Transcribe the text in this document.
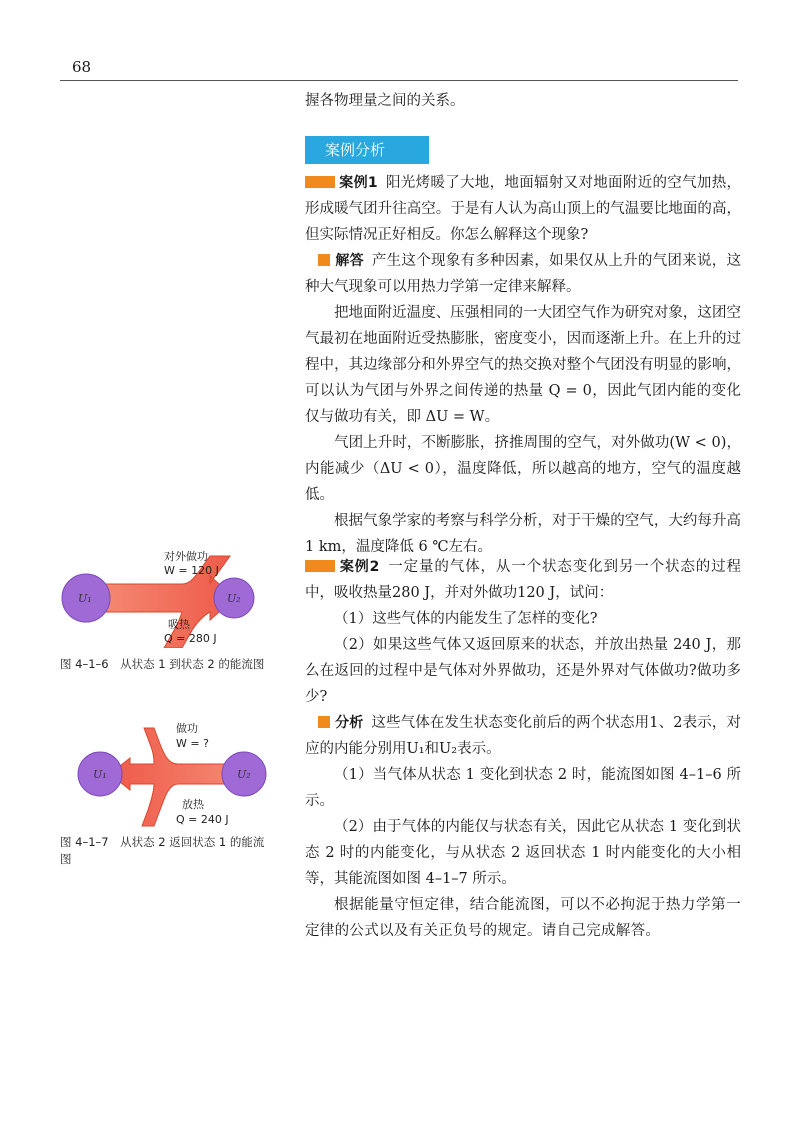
68

握各物理量之间的关系。

案例分析

案例1 阳光烤暖了大地，地面辐射又对地面附近的空气加热，形成暖气团升往高空。于是有人认为高山顶上的气温要比地面的高，但实际情况正好相反。你怎么解释这个现象?

解答 产生这个现象有多种因素，如果仅从上升的气团来说，这种大气现象可以用热力学第一定律来解释。

把地面附近温度、压强相同的一大团空气作为研究对象，这团空气最初在地面附近受热膨胀，密度变小，因而逐渐上升。在上升的过程中，其边缘部分和外界空气的热交换对整个气团没有明显的影响，可以认为气团与外界之间传递的热量 Q = 0，因此气团内能的变化仅与做功有关，即 ΔU = W。

气团上升时，不断膨胀，挤推周围的空气，对外做功(W < 0)，内能减少（ΔU < 0），温度降低，所以越高的地方，空气的温度越低。

根据气象学家的考察与科学分析，对于干燥的空气，大约每升高 1 km，温度降低 6 ℃左右。

案例2 一定量的气体，从一个状态变化到另一个状态的过程中，吸收热量280 J，并对外做功120 J，试问：

（1）这些气体的内能发生了怎样的变化?

（2）如果这些气体又返回原来的状态，并放出热量 240 J，那么在返回的过程中是气体对外界做功，还是外界对气体做功?做功多少?

分析 这些气体在发生状态变化前后的两个状态用1、2表示，对应的内能分别用U₁和U₂表示。

（1）当气体从状态 1 变化到状态 2 时，能流图如图 4–1–6 所示。

（2）由于气体的内能仅与状态有关，因此它从状态 1 变化到状态 2 时的内能变化，与从状态 2 返回状态 1 时内能变化的大小相等，其能流图如图 4–1–7 所示。

根据能量守恒定律，结合能流图，可以不必拘泥于热力学第一定律的公式以及有关正负号的规定。请自己完成解答。

U₁	U₂
对外做功
W = 120 J
吸热
Q = 280 J
图 4–1–6　从状态 1 到状态 2 的能流图
U₁	U₂
做功
W = ?
放热
Q = 240 J
图 4–1–7　从状态 2 返回状态 1 的能流图
